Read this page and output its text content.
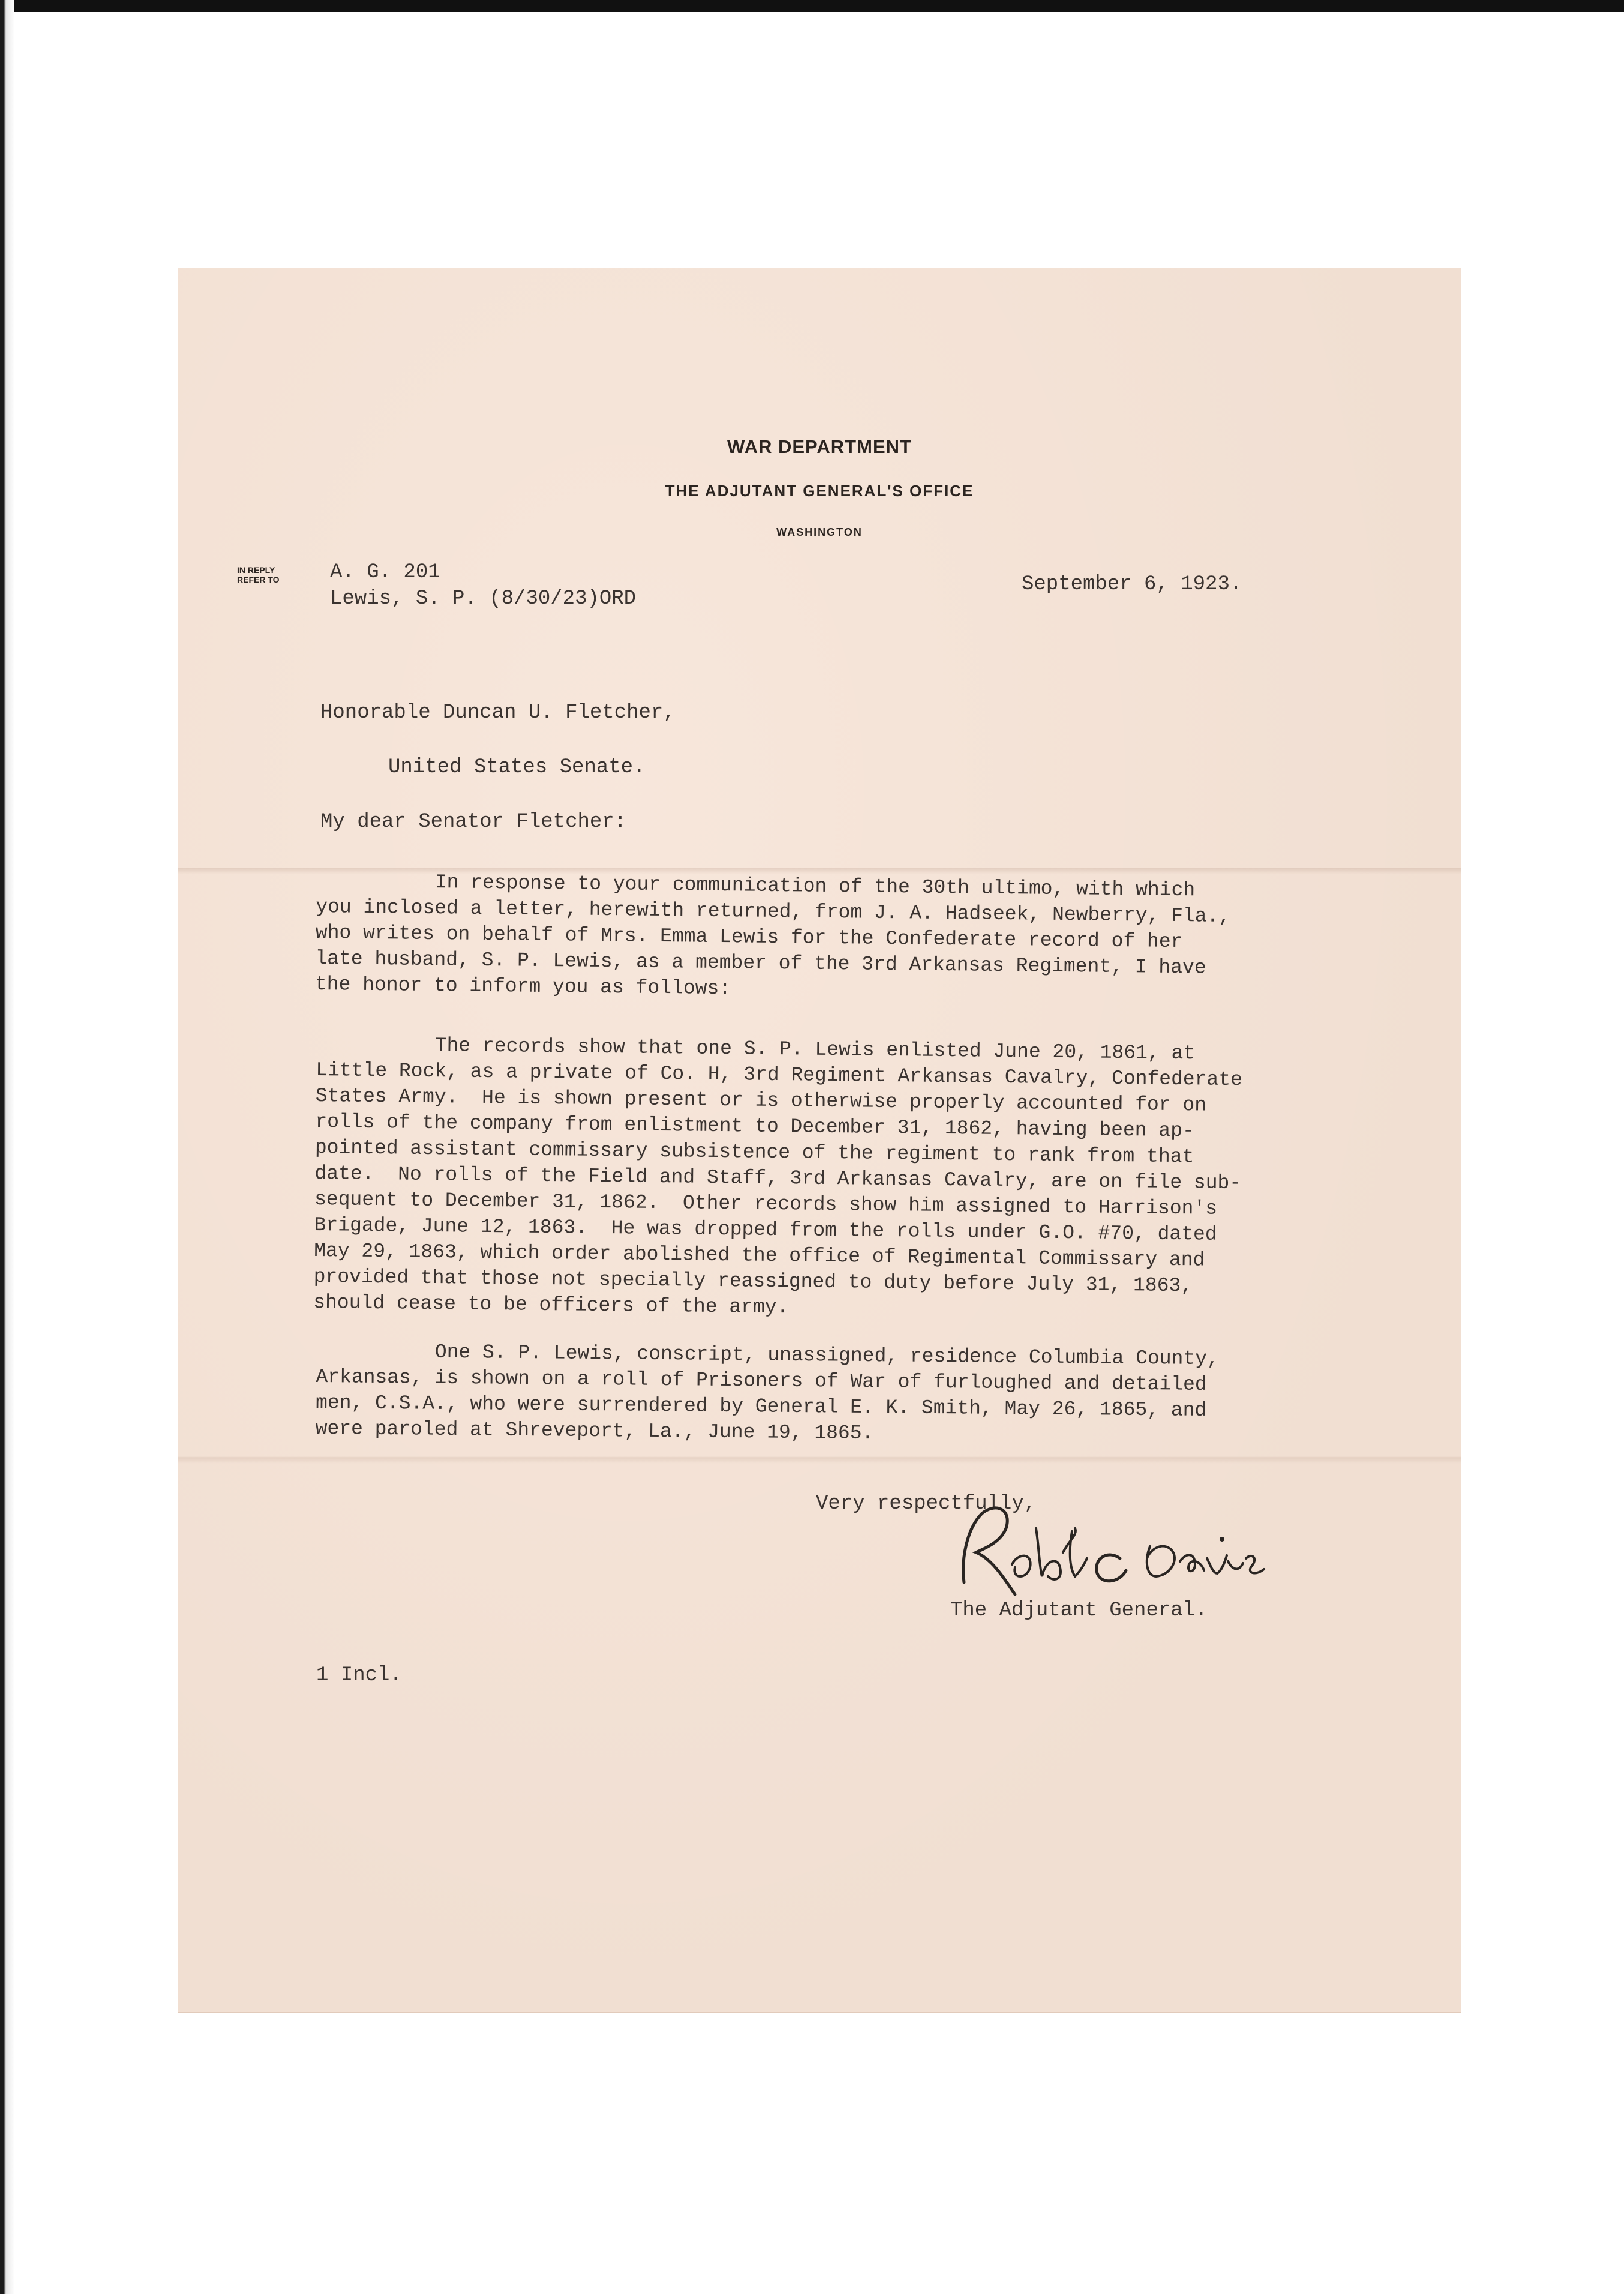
WAR DEPARTMENT
THE ADJUTANT GENERAL'S OFFICE
WASHINGTON
IN REPLY
REFER TO	A. G. 201
Lewis, S. P. (8/30/23)ORD
September 6, 1923.
Honorable Duncan U. Fletcher,
United States Senate.
My dear Senator Fletcher:
In response to your communication of the 30th ultimo, with which
you inclosed a letter, herewith returned, from J. A. Hadseek, Newberry, Fla.,
who writes on behalf of Mrs. Emma Lewis for the Confederate record of her
late husband, S. P. Lewis, as a member of the 3rd Arkansas Regiment, I have
the honor to inform you as follows:
The records show that one S. P. Lewis enlisted June 20, 1861, at
Little Rock, as a private of Co. H, 3rd Regiment Arkansas Cavalry, Confederate
States Army.  He is shown present or is otherwise properly accounted for on
rolls of the company from enlistment to December 31, 1862, having been ap-
pointed assistant commissary subsistence of the regiment to rank from that
date.  No rolls of the Field and Staff, 3rd Arkansas Cavalry, are on file sub-
sequent to December 31, 1862.  Other records show him assigned to Harrison's
Brigade, June 12, 1863.  He was dropped from the rolls under G.O. #70, dated
May 29, 1863, which order abolished the office of Regimental Commissary and
provided that those not specially reassigned to duty before July 31, 1863,
should cease to be officers of the army.
One S. P. Lewis, conscript, unassigned, residence Columbia County,
Arkansas, is shown on a roll of Prisoners of War of furloughed and detailed
men, C.S.A., who were surrendered by General E. K. Smith, May 26, 1865, and
were paroled at Shreveport, La., June 19, 1865.
Very respectfully,
The Adjutant General.
1 Incl.
